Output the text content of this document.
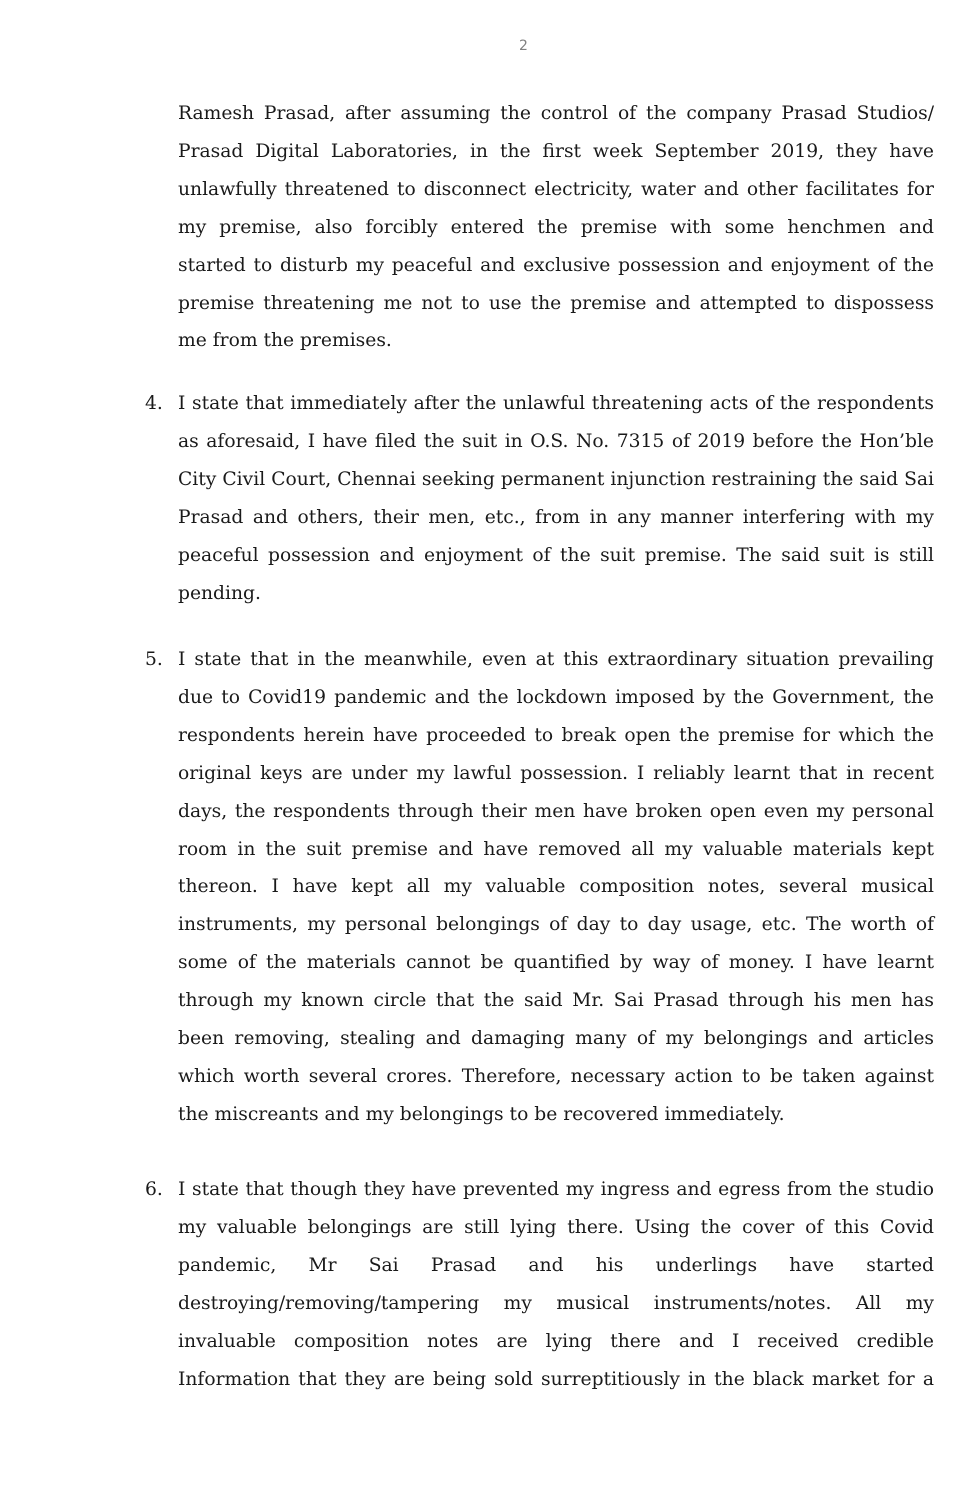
2
Ramesh Prasad, after assuming the control of the company Prasad Studios/ Prasad Digital Laboratories, in the first week September 2019, they have unlawfully threatened to disconnect electricity, water and other facilitates for my premise, also forcibly entered the premise with some henchmen and started to disturb my peaceful and exclusive possession and enjoyment of the premise threatening me not to use the premise and attempted to dispossess me from the premises.
4. I state that immediately after the unlawful threatening acts of the respondents as aforesaid, I have filed the suit in O.S. No. 7315 of 2019 before the Hon’ble City Civil Court, Chennai seeking permanent injunction restraining the said Sai Prasad and others, their men, etc., from in any manner interfering with my peaceful possession and enjoyment of the suit premise. The said suit is still pending.
5. I state that in the meanwhile, even at this extraordinary situation prevailing due to Covid19 pandemic and the lockdown imposed by the Government, the respondents herein have proceeded to break open the premise for which the original keys are under my lawful possession. I reliably learnt that in recent days, the respondents through their men have broken open even my personal room in the suit premise and have removed all my valuable materials kept thereon. I have kept all my valuable composition notes, several musical instruments, my personal belongings of day to day usage, etc. The worth of some of the materials cannot be quantified by way of money. I have learnt through my known circle that the said Mr. Sai Prasad through his men has been removing, stealing and damaging many of my belongings and articles which worth several crores. Therefore, necessary action to be taken against the miscreants and my belongings to be recovered immediately.
6. I state that though they have prevented my ingress and egress from the studio my valuable belongings are still lying there. Using the cover of this Covid pandemic, Mr Sai Prasad and his underlings have started destroying/removing/tampering my musical instruments/notes. All my invaluable composition notes are lying there and I received credible Information that they are being sold surreptitiously in the black market for a
